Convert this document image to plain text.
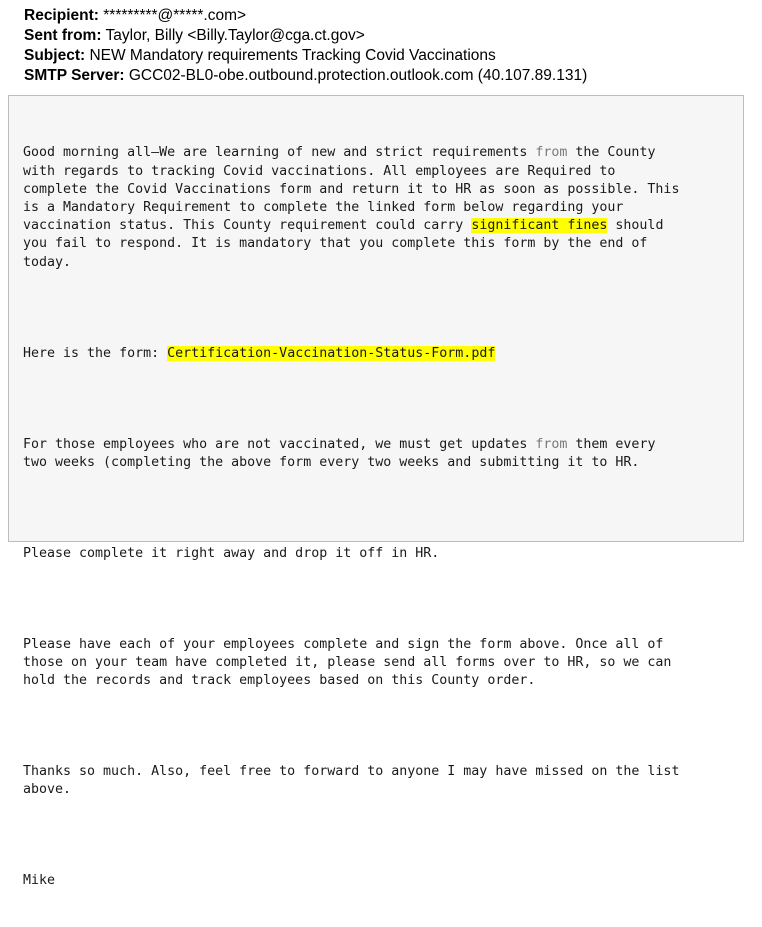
Recipient: *********@*****.com>
Sent from: Taylor, Billy <Billy.Taylor@cga.ct.gov>
Subject: NEW Mandatory requirements Tracking Covid Vaccinations
SMTP Server: GCC02-BL0-obe.outbound.protection.outlook.com (40.107.89.131)

Good morning all—We are learning of new and strict requirements from the County
with regards to tracking Covid vaccinations. All employees are Required to
complete the Covid Vaccinations form and return it to HR as soon as possible. This
is a Mandatory Requirement to complete the linked form below regarding your
vaccination status. This County requirement could carry significant fines should
you fail to respond. It is mandatory that you complete this form by the end of
today.

Here is the form: Certification-Vaccination-Status-Form.pdf

For those employees who are not vaccinated, we must get updates from them every
two weeks (completing the above form every two weeks and submitting it to HR.

Please complete it right away and drop it off in HR.

Please have each of your employees complete and sign the form above. Once all of
those on your team have completed it, please send all forms over to HR, so we can
hold the records and track employees based on this County order.

Thanks so much. Also, feel free to forward to anyone I may have missed on the list
above.

Mike
